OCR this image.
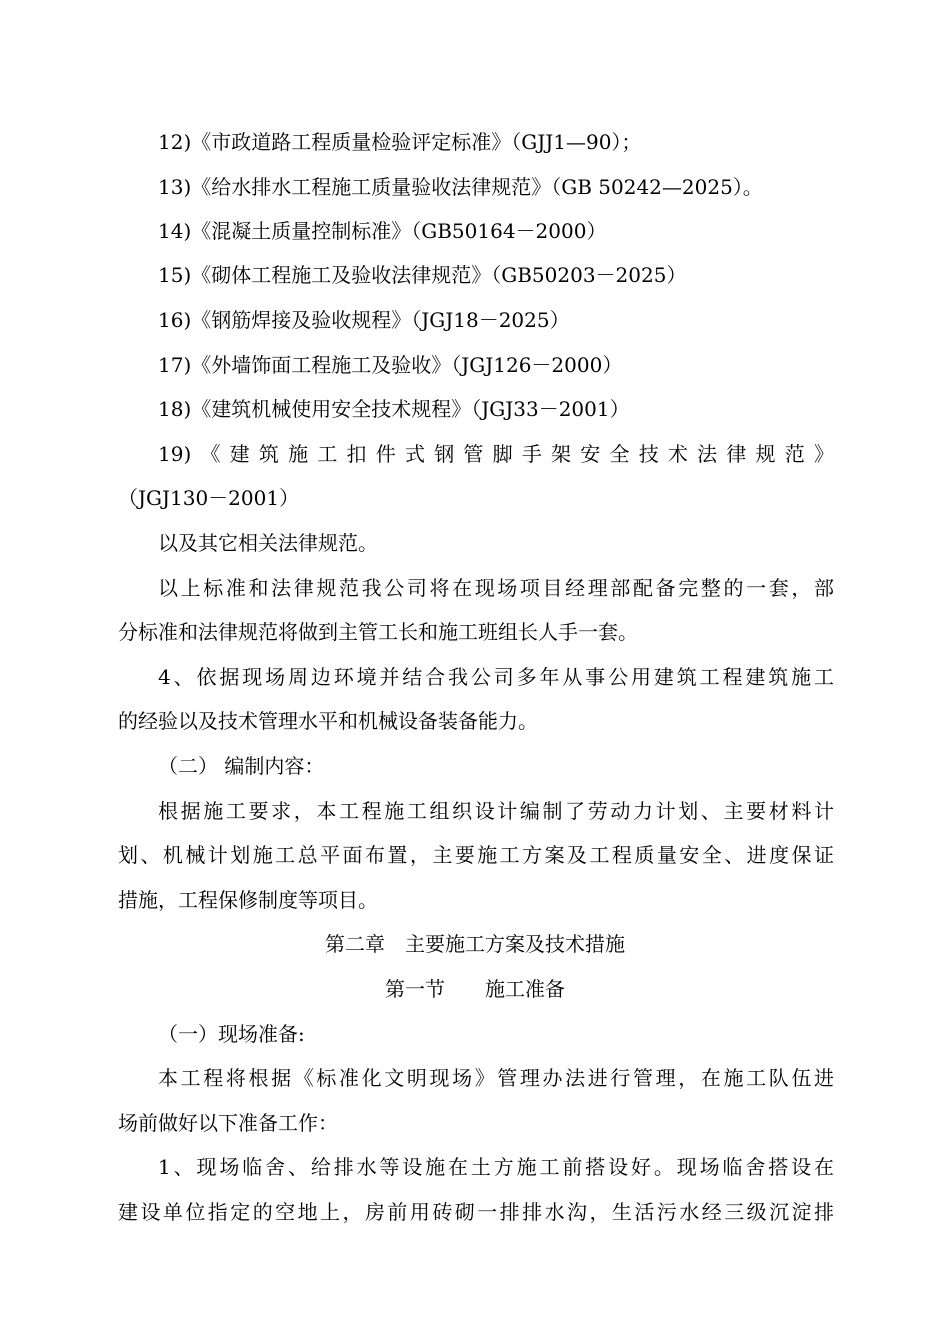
12)《市政道路工程质量检验评定标准》（GJJ1—90）；
13)《给水排水工程施工质量验收法律规范》（GB 50242—2025）。
14)《混凝土质量控制标准》（GB50164－2000）
15)《砌体工程施工及验收法律规范》（GB50203－2025）
16)《钢筋焊接及验收规程》（JGJ18－2025）
17)《外墙饰面工程施工及验收》（JGJ126－2000）
18)《建筑机械使用安全技术规程》（JGJ33－2001）
19)《建筑施工扣件式钢管脚手架安全技术法律规范》
（JGJ130－2001）
以及其它相关法律规范。
以上标准和法律规范我公司将在现场项目经理部配备完整的一套，部
分标准和法律规范将做到主管工长和施工班组长人手一套。
4、依据现场周边环境并结合我公司多年从事公用建筑工程建筑施工
的经验以及技术管理水平和机械设备装备能力。
（二） 编制内容：
根据施工要求，本工程施工组织设计编制了劳动力计划、主要材料计
划、机械计划施工总平面布置，主要施工方案及工程质量安全、进度保证
措施，工程保修制度等项目。
第二章　主要施工方案及技术措施
第一节　　施工准备
（一）现场准备:
本工程将根据《标准化文明现场》管理办法进行管理，在施工队伍进
场前做好以下准备工作：
1、现场临舍、给排水等设施在土方施工前搭设好。现场临舍搭设在
建设单位指定的空地上，房前用砖砌一排排水沟，生活污水经三级沉淀排
